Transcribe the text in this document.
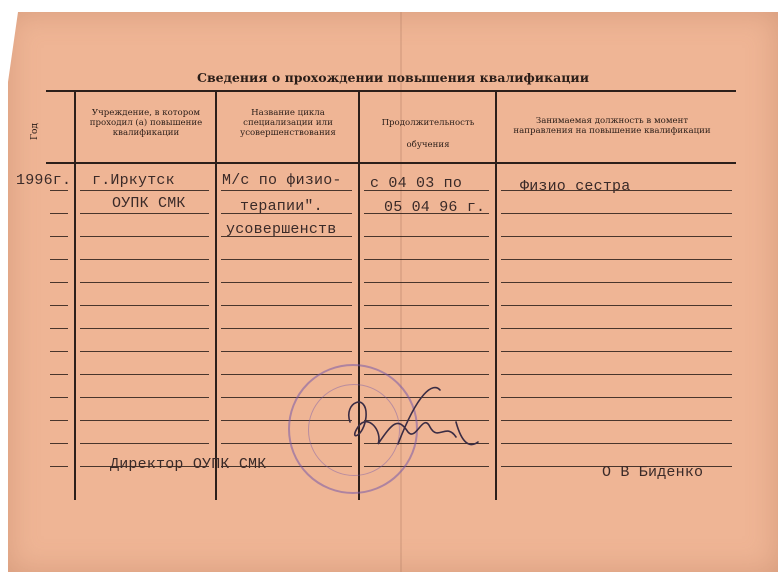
Сведения о прохождении повышения квалификации
Год
Учреждение, в котором проходил (а) повышение квалификации
Название цикла специализации или усовершенствования
Продолжительность обучения
Занимаемая должность в момент направления на повышение квалификации
1996г. г.Иркутск
ОУПК СМК
М/с по физио-
терапии".
усовершенств
с 04 03 по
05 04 96 г.
Физио сестра
Директор ОУПК СМК	О В Биденко
